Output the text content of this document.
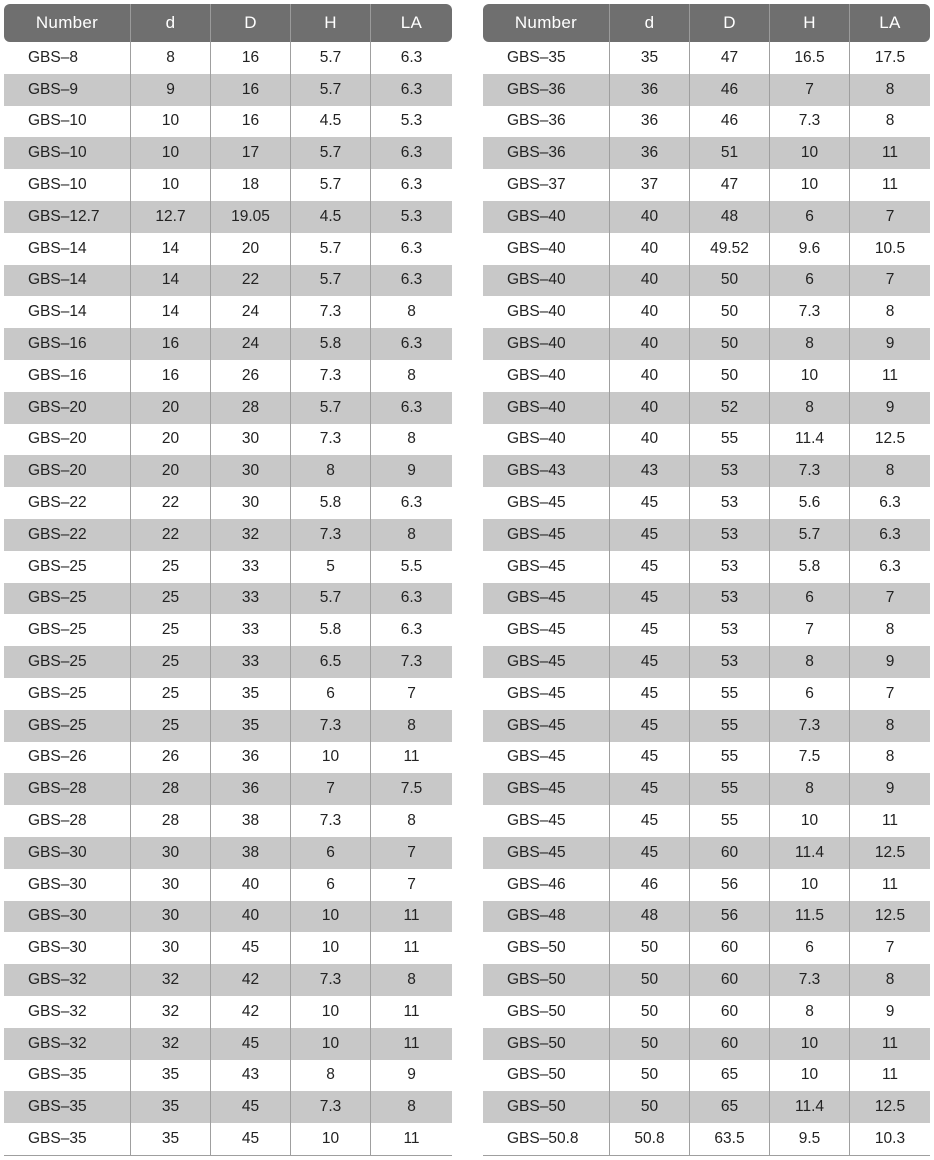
Number	d	D	H	LA
GBS–8	8	16	5.7	6.3
GBS–9	9	16	5.7	6.3
GBS–10	10	16	4.5	5.3
GBS–10	10	17	5.7	6.3
GBS–10	10	18	5.7	6.3
GBS–12.7	12.7	19.05	4.5	5.3
GBS–14	14	20	5.7	6.3
GBS–14	14	22	5.7	6.3
GBS–14	14	24	7.3	8
GBS–16	16	24	5.8	6.3
GBS–16	16	26	7.3	8
GBS–20	20	28	5.7	6.3
GBS–20	20	30	7.3	8
GBS–20	20	30	8	9
GBS–22	22	30	5.8	6.3
GBS–22	22	32	7.3	8
GBS–25	25	33	5	5.5
GBS–25	25	33	5.7	6.3
GBS–25	25	33	5.8	6.3
GBS–25	25	33	6.5	7.3
GBS–25	25	35	6	7
GBS–25	25	35	7.3	8
GBS–26	26	36	10	11
GBS–28	28	36	7	7.5
GBS–28	28	38	7.3	8
GBS–30	30	38	6	7
GBS–30	30	40	6	7
GBS–30	30	40	10	11
GBS–30	30	45	10	11
GBS–32	32	42	7.3	8
GBS–32	32	42	10	11
GBS–32	32	45	10	11
GBS–35	35	43	8	9
GBS–35	35	45	7.3	8
GBS–35	35	45	10	11
Number	d	D	H	LA
GBS–35	35	47	16.5	17.5
GBS–36	36	46	7	8
GBS–36	36	46	7.3	8
GBS–36	36	51	10	11
GBS–37	37	47	10	11
GBS–40	40	48	6	7
GBS–40	40	49.52	9.6	10.5
GBS–40	40	50	6	7
GBS–40	40	50	7.3	8
GBS–40	40	50	8	9
GBS–40	40	50	10	11
GBS–40	40	52	8	9
GBS–40	40	55	11.4	12.5
GBS–43	43	53	7.3	8
GBS–45	45	53	5.6	6.3
GBS–45	45	53	5.7	6.3
GBS–45	45	53	5.8	6.3
GBS–45	45	53	6	7
GBS–45	45	53	7	8
GBS–45	45	53	8	9
GBS–45	45	55	6	7
GBS–45	45	55	7.3	8
GBS–45	45	55	7.5	8
GBS–45	45	55	8	9
GBS–45	45	55	10	11
GBS–45	45	60	11.4	12.5
GBS–46	46	56	10	11
GBS–48	48	56	11.5	12.5
GBS–50	50	60	6	7
GBS–50	50	60	7.3	8
GBS–50	50	60	8	9
GBS–50	50	60	10	11
GBS–50	50	65	10	11
GBS–50	50	65	11.4	12.5
GBS–50.8	50.8	63.5	9.5	10.3
